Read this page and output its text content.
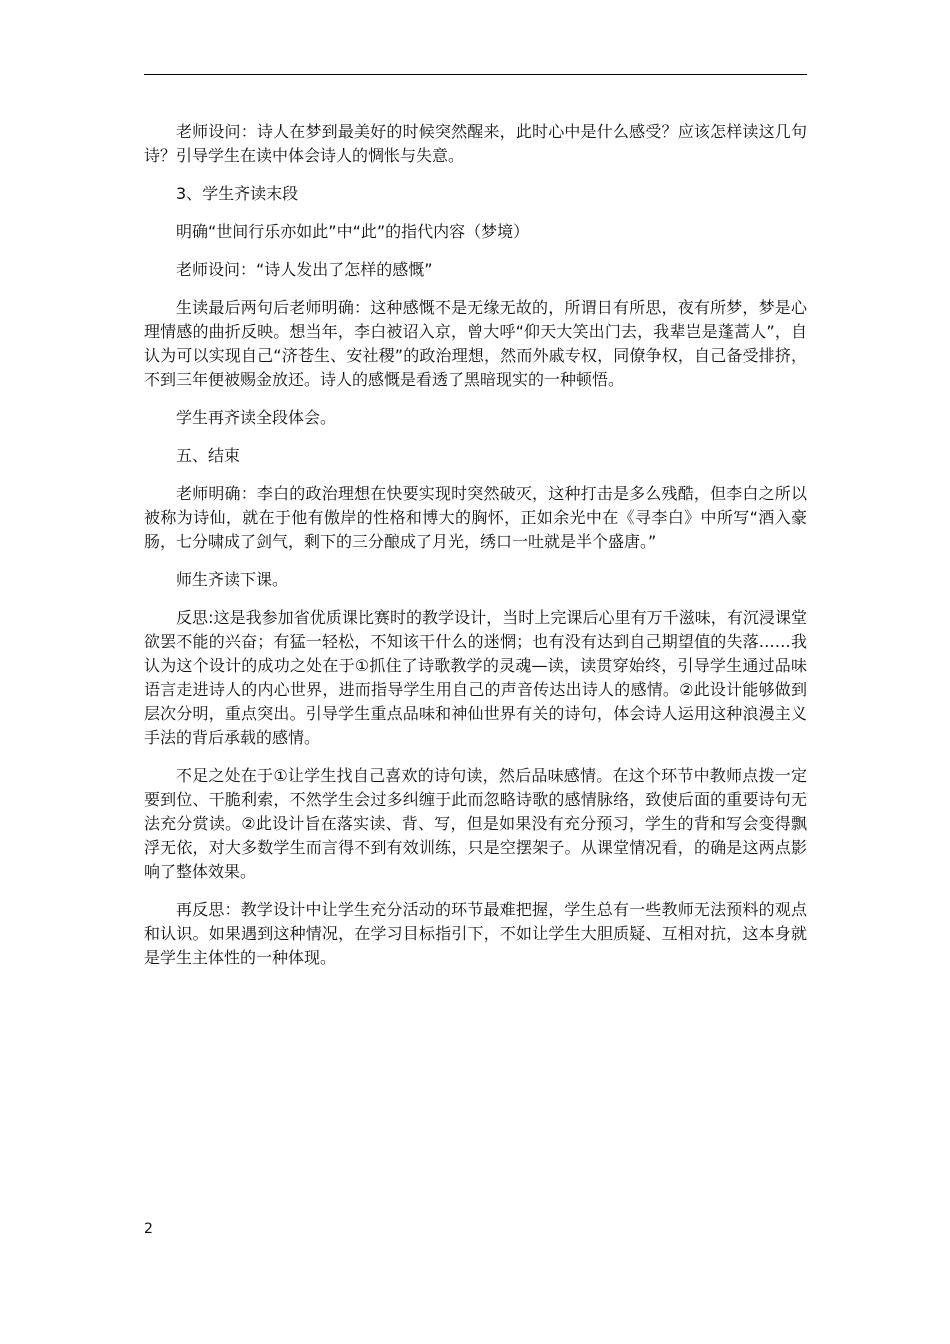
老师设问：诗人在梦到最美好的时候突然醒来，此时心中是什么感受？应该怎样读这几句诗？引导学生在读中体会诗人的惆怅与失意。

3、学生齐读末段

明确“世间行乐亦如此”中“此”的指代内容（梦境）

老师设问：“诗人发出了怎样的感慨”

生读最后两句后老师明确：这种感慨不是无缘无故的，所谓日有所思，夜有所梦，梦是心理情感的曲折反映。想当年，李白被诏入京，曾大呼“仰天大笑出门去，我辈岂是蓬蒿人”，自认为可以实现自己“济苍生、安社稷”的政治理想，然而外戚专权，同僚争权，自己备受排挤，不到三年便被赐金放还。诗人的感慨是看透了黑暗现实的一种顿悟。

学生再齐读全段体会。

五、结束

老师明确：李白的政治理想在快要实现时突然破灭，这种打击是多么残酷，但李白之所以被称为诗仙，就在于他有傲岸的性格和博大的胸怀，正如余光中在《寻李白》中所写“酒入豪肠，七分啸成了剑气，剩下的三分酿成了月光，绣口一吐就是半个盛唐。”

师生齐读下课。

反思:这是我参加省优质课比赛时的教学设计，当时上完课后心里有万千滋味，有沉浸课堂欲罢不能的兴奋；有猛一轻松，不知该干什么的迷惘；也有没有达到自己期望值的失落……我认为这个设计的成功之处在于①抓住了诗歌教学的灵魂—读，读贯穿始终，引导学生通过品味语言走进诗人的内心世界，进而指导学生用自己的声音传达出诗人的感情。②此设计能够做到层次分明，重点突出。引导学生重点品味和神仙世界有关的诗句，体会诗人运用这种浪漫主义手法的背后承载的感情。

不足之处在于①让学生找自己喜欢的诗句读，然后品味感情。在这个环节中教师点拨一定要到位、干脆利索，不然学生会过多纠缠于此而忽略诗歌的感情脉络，致使后面的重要诗句无法充分赏读。②此设计旨在落实读、背、写，但是如果没有充分预习，学生的背和写会变得飘浮无依，对大多数学生而言得不到有效训练，只是空摆架子。从课堂情况看，的确是这两点影响了整体效果。

再反思：教学设计中让学生充分活动的环节最难把握，学生总有一些教师无法预料的观点和认识。如果遇到这种情况，在学习目标指引下，不如让学生大胆质疑、互相对抗，这本身就是学生主体性的一种体现。

2
